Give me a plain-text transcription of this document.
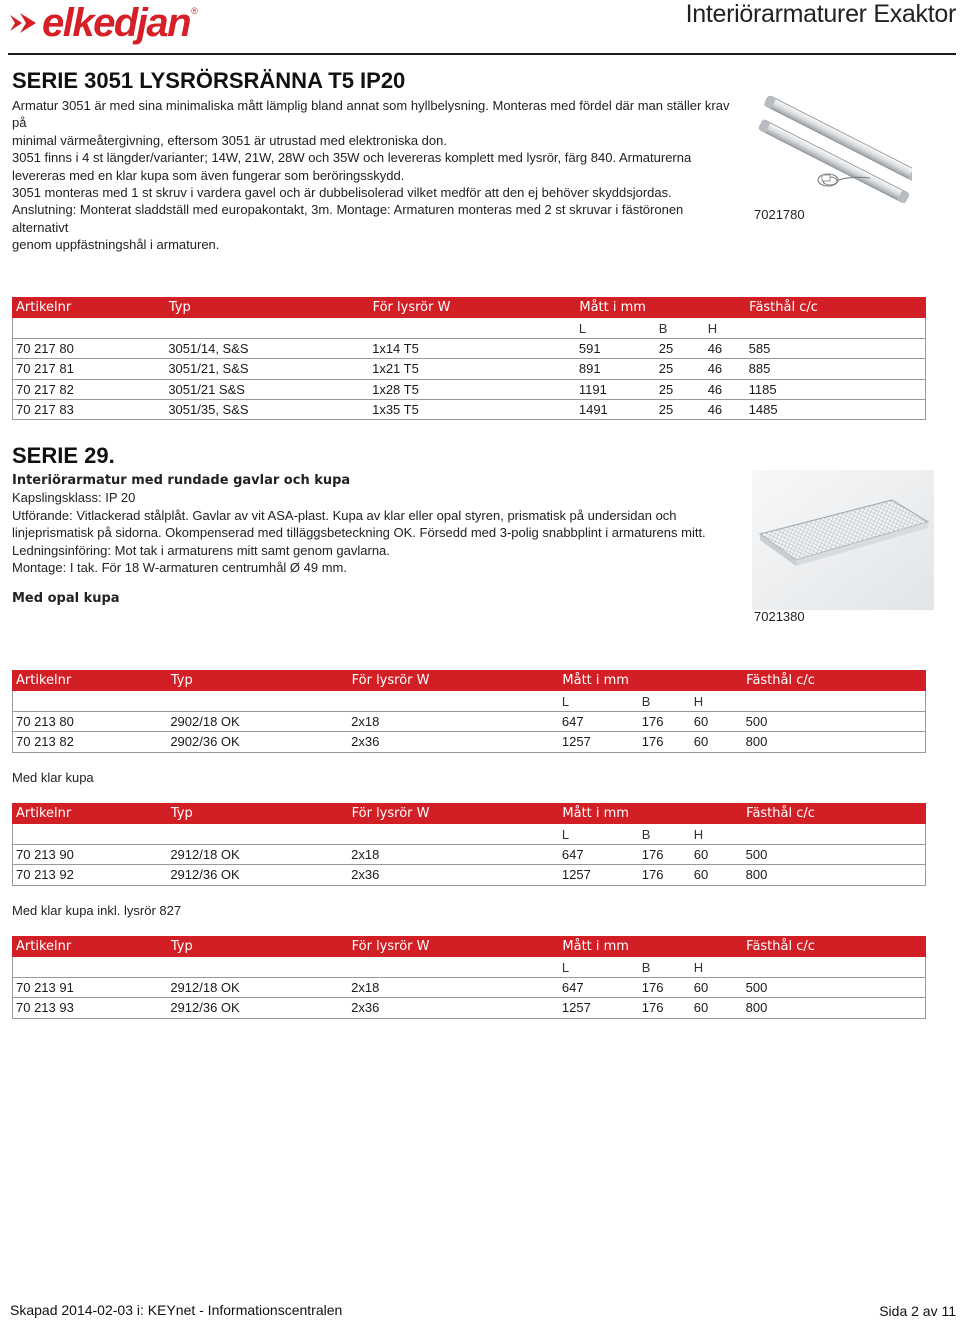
elkedjan ®	Interiörarmaturer Exaktor
SERIE 3051 LYSRÖRSRÄNNA T5 IP20

Armatur 3051 är med sina minimaliska mått lämplig bland annat som hyllbelysning. Monteras med fördel där man ställer krav på

minimal värmeåtergivning, eftersom 3051 är utrustad med elektroniska don.

3051 finns i 4 st längder/varianter; 14W, 21W, 28W och 35W och levereras komplett med lysrör, färg 840. Armaturerna

levereras med en klar kupa som även fungerar som beröringsskydd.

3051 monteras med 1 st skruv i vardera gavel och är dubbelisolerad vilket medför att den ej behöver skyddsjordas.

Anslutning: Monterat sladdställ med europakontakt, 3m. Montage: Armaturen monteras med 2 st skruvar i fästöronen alternativt

genom uppfästningshål i armaturen.

7021780
Artikelnr	Typ	För lysrör W	Mått i mm			Fästhål c/c
			L	B	H	
70 217 80	3051/14, S&S	1x14 T5	591	25	46	585
70 217 81	3051/21, S&S	1x21 T5	891	25	46	885
70 217 82	3051/21 S&S	1x28 T5	1191	25	46	1185
70 217 83	3051/35, S&S	1x35 T5	1491	25	46	1485
SERIE 29.

Interiörarmatur med rundade gavlar och kupa

Kapslingsklass: IP 20

Utförande: Vitlackerad stålplåt. Gavlar av vit ASA-plast. Kupa av klar eller opal styren, prismatisk på undersidan och

linjeprismatisk på sidorna. Okompenserad med tilläggsbeteckning OK. Försedd med 3-polig snabbplint i armaturens mitt.

Ledningsinföring: Mot tak i armaturens mitt samt genom gavlarna.

Montage: I tak. För 18 W-armaturen centrumhål Ø 49 mm.

Med opal kupa
7021380
Artikelnr	Typ	För lysrör W	Mått i mm			Fästhål c/c
			L	B	H	
70 213 80	2902/18 OK	2x18	647	176	60	500
70 213 82	2902/36 OK	2x36	1257	176	60	800
Med klar kupa
Artikelnr	Typ	För lysrör W	Mått i mm			Fästhål c/c
			L	B	H	
70 213 90	2912/18 OK	2x18	647	176	60	500
70 213 92	2912/36 OK	2x36	1257	176	60	800
Med klar kupa inkl. lysrör 827
Artikelnr	Typ	För lysrör W	Mått i mm			Fästhål c/c
			L	B	H	
70 213 91	2912/18 OK	2x18	647	176	60	500
70 213 93	2912/36 OK	2x36	1257	176	60	800
Skapad 2014-02-03 i: KEYnet - Informationscentralen	Sida 2 av 11
